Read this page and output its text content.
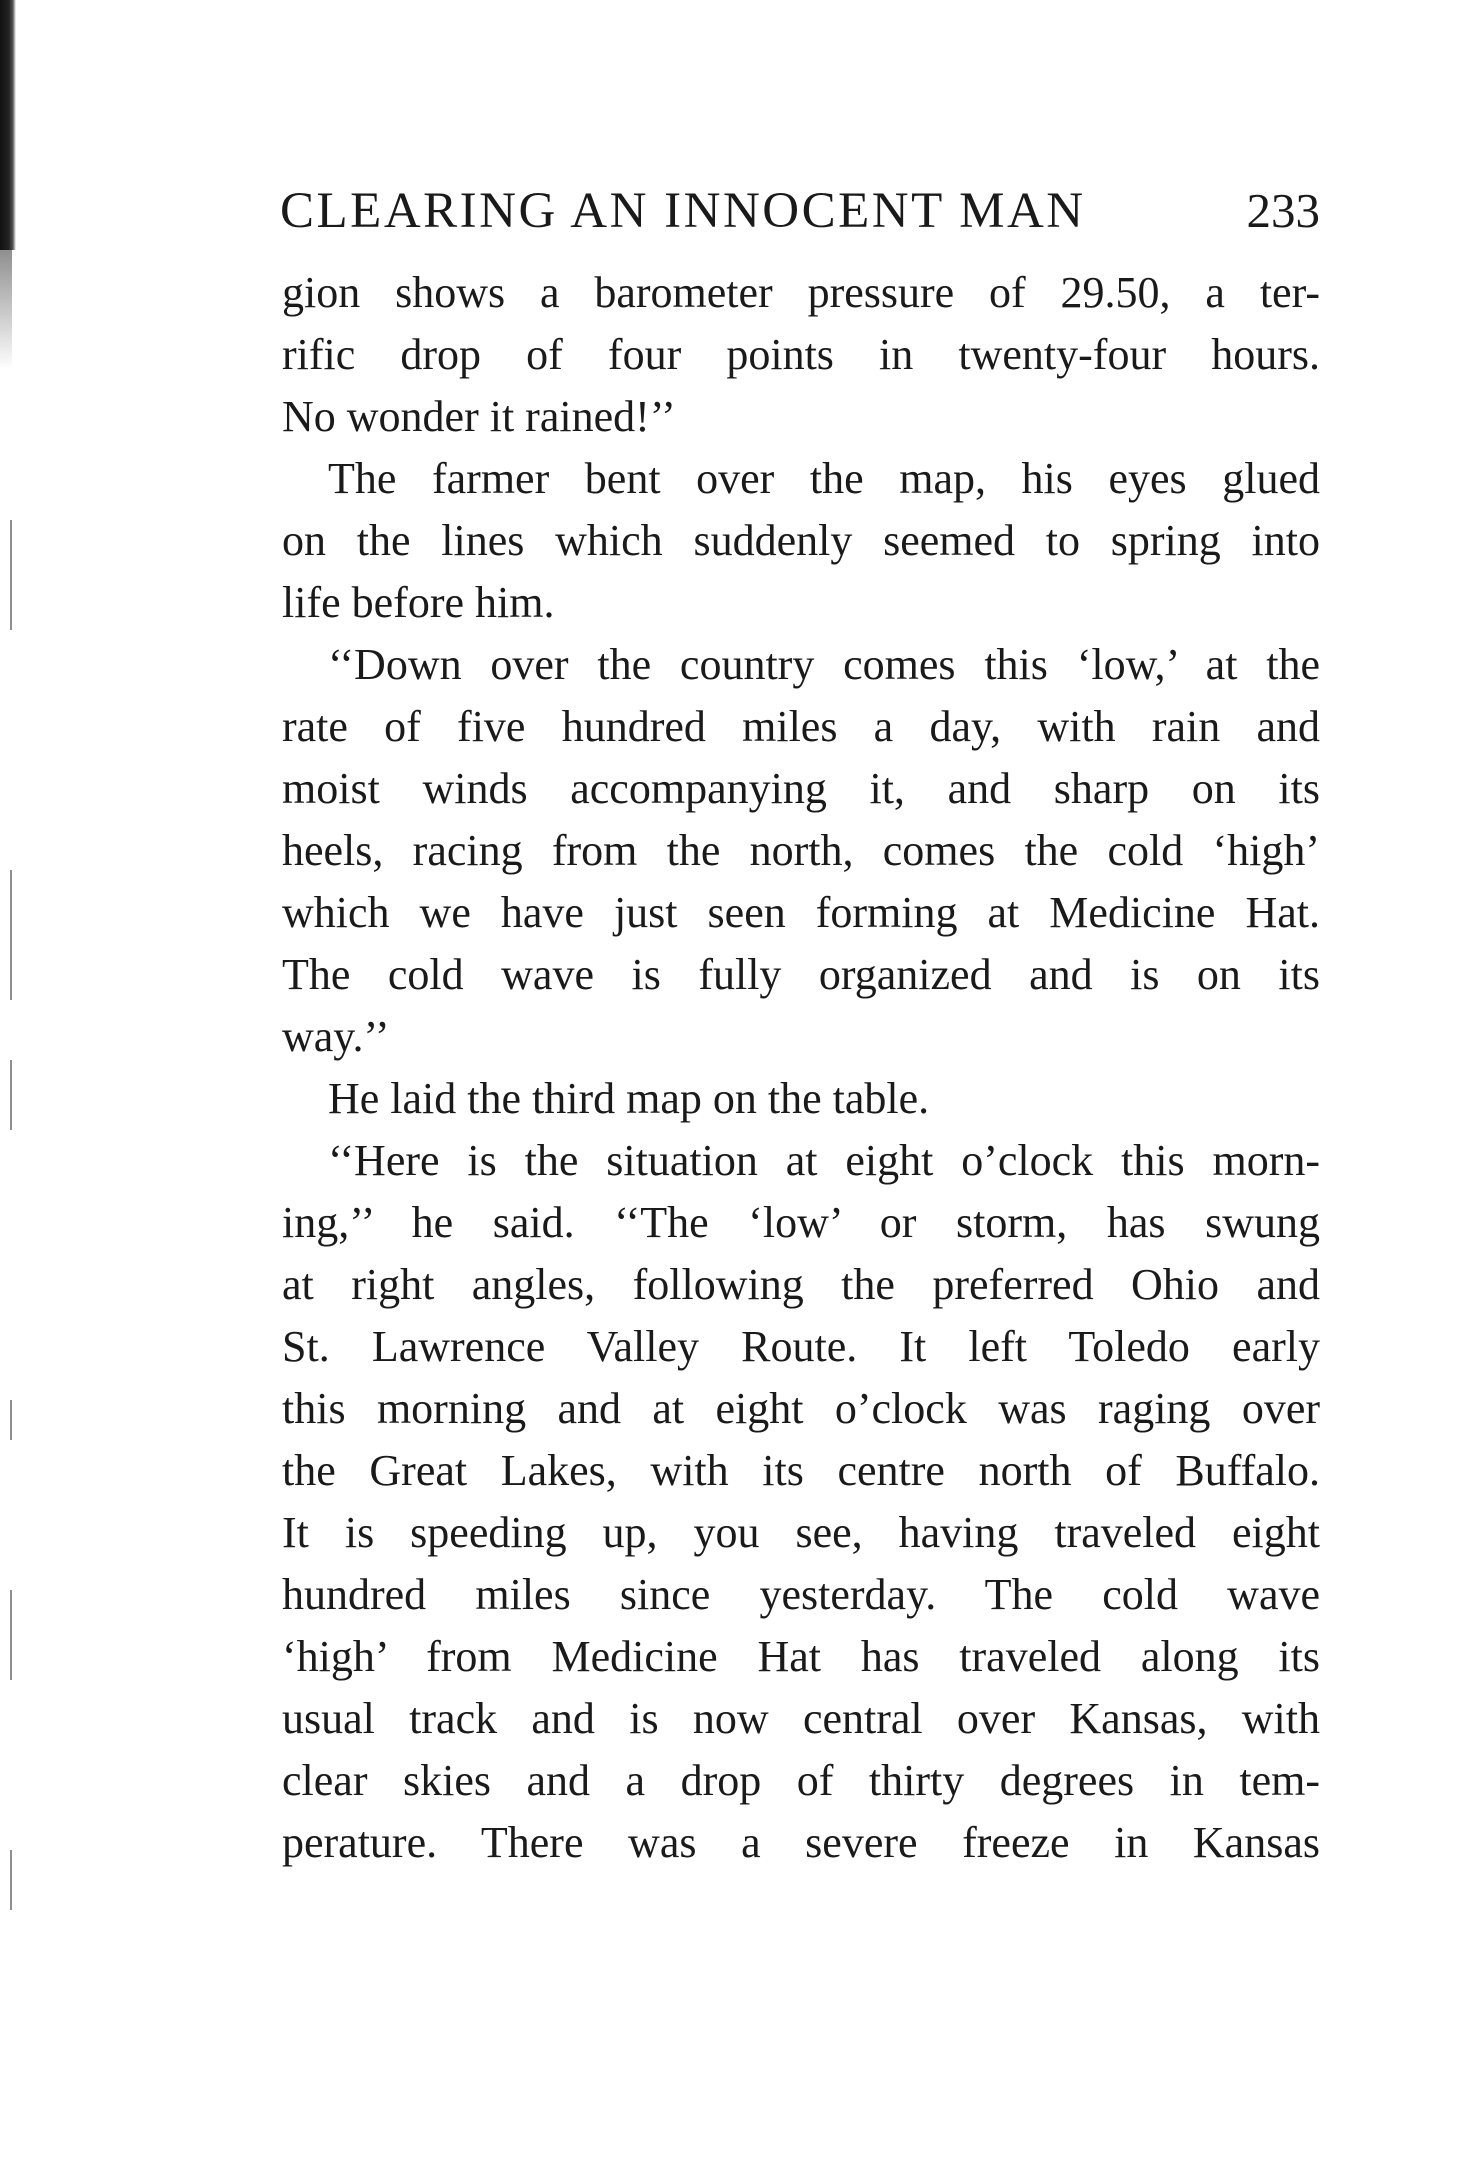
CLEARING AN INNOCENT MAN	233
gion shows a barometer pressure of 29.50, a ter-
rific drop of four points in twenty-four hours.
No wonder it rained!’’
The farmer bent over the map, his eyes glued
on the lines which suddenly seemed to spring into
life before him.
‘‘Down over the country comes this ‘low,’ at the
rate of five hundred miles a day, with rain and
moist winds accompanying it, and sharp on its
heels, racing from the north, comes the cold ‘high’
which we have just seen forming at Medicine Hat.
The cold wave is fully organized and is on its
way.’’
He laid the third map on the table.
‘‘Here is the situation at eight o’clock this morn-
ing,’’ he said. ‘‘The ‘low’ or storm, has swung
at right angles, following the preferred Ohio and
St. Lawrence Valley Route. It left Toledo early
this morning and at eight o’clock was raging over
the Great Lakes, with its centre north of Buffalo.
It is speeding up, you see, having traveled eight
hundred miles since yesterday. The cold wave
‘high’ from Medicine Hat has traveled along its
usual track and is now central over Kansas, with
clear skies and a drop of thirty degrees in tem-
perature. There was a severe freeze in Kansas
